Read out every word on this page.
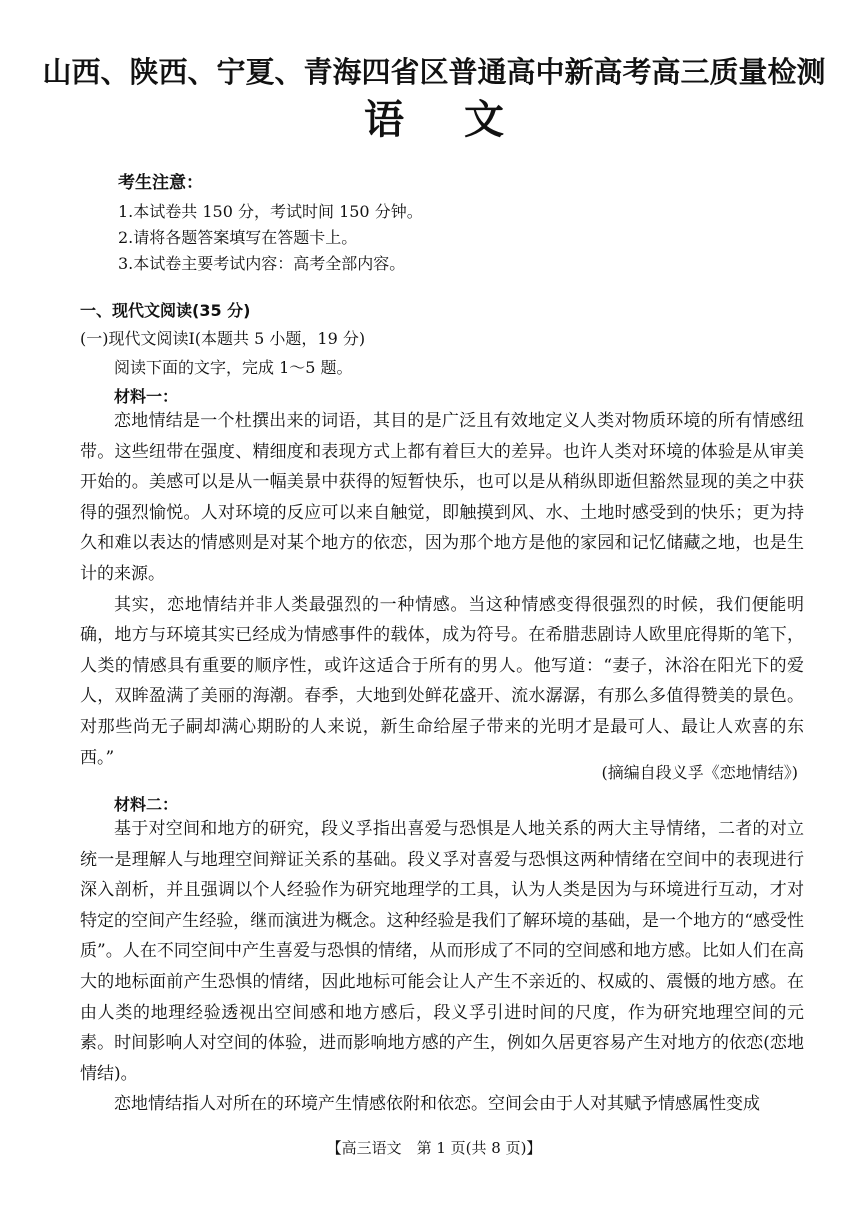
山西、陕西、宁夏、青海四省区普通高中新高考高三质量检测
语文
考生注意：
1.本试卷共 150 分，考试时间 150 分钟。
2.请将各题答案填写在答题卡上。
3.本试卷主要考试内容：高考全部内容。
一、现代文阅读(35 分)
(一)现代文阅读Ⅰ(本题共 5 小题，19 分)
阅读下面的文字，完成 1～5 题。
材料一：

恋地情结是一个杜撰出来的词语，其目的是广泛且有效地定义人类对物质环境的所有情感纽带。这些纽带在强度、精细度和表现方式上都有着巨大的差异。也许人类对环境的体验是从审美开始的。美感可以是从一幅美景中获得的短暂快乐，也可以是从稍纵即逝但豁然显现的美之中获得的强烈愉悦。人对环境的反应可以来自触觉，即触摸到风、水、土地时感受到的快乐；更为持久和难以表达的情感则是对某个地方的依恋，因为那个地方是他的家园和记忆储藏之地，也是生计的来源。

其实，恋地情结并非人类最强烈的一种情感。当这种情感变得很强烈的时候，我们便能明确，地方与环境其实已经成为情感事件的载体，成为符号。在希腊悲剧诗人欧里庇得斯的笔下，人类的情感具有重要的顺序性，或许这适合于所有的男人。他写道：“妻子，沐浴在阳光下的爱人，双眸盈满了美丽的海潮。春季，大地到处鲜花盛开、流水潺潺，有那么多值得赞美的景色。对那些尚无子嗣却满心期盼的人来说，新生命给屋子带来的光明才是最可人、最让人欢喜的东西。”

(摘编自段义孚《恋地情结》)
材料二：

基于对空间和地方的研究，段义孚指出喜爱与恐惧是人地关系的两大主导情绪，二者的对立统一是理解人与地理空间辩证关系的基础。段义孚对喜爱与恐惧这两种情绪在空间中的表现进行深入剖析，并且强调以个人经验作为研究地理学的工具，认为人类是因为与环境进行互动，才对特定的空间产生经验，继而演进为概念。这种经验是我们了解环境的基础，是一个地方的“感受性质”。人在不同空间中产生喜爱与恐惧的情绪，从而形成了不同的空间感和地方感。比如人们在高大的地标面前产生恐惧的情绪，因此地标可能会让人产生不亲近的、权威的、震慑的地方感。在由人类的地理经验透视出空间感和地方感后，段义孚引进时间的尺度，作为研究地理空间的元素。时间影响人对空间的体验，进而影响地方感的产生，例如久居更容易产生对地方的依恋(恋地情结)。

恋地情结指人对所在的环境产生情感依附和依恋。空间会由于人对其赋予情感属性变成

【高三语文　第 1 页(共 8 页)】
